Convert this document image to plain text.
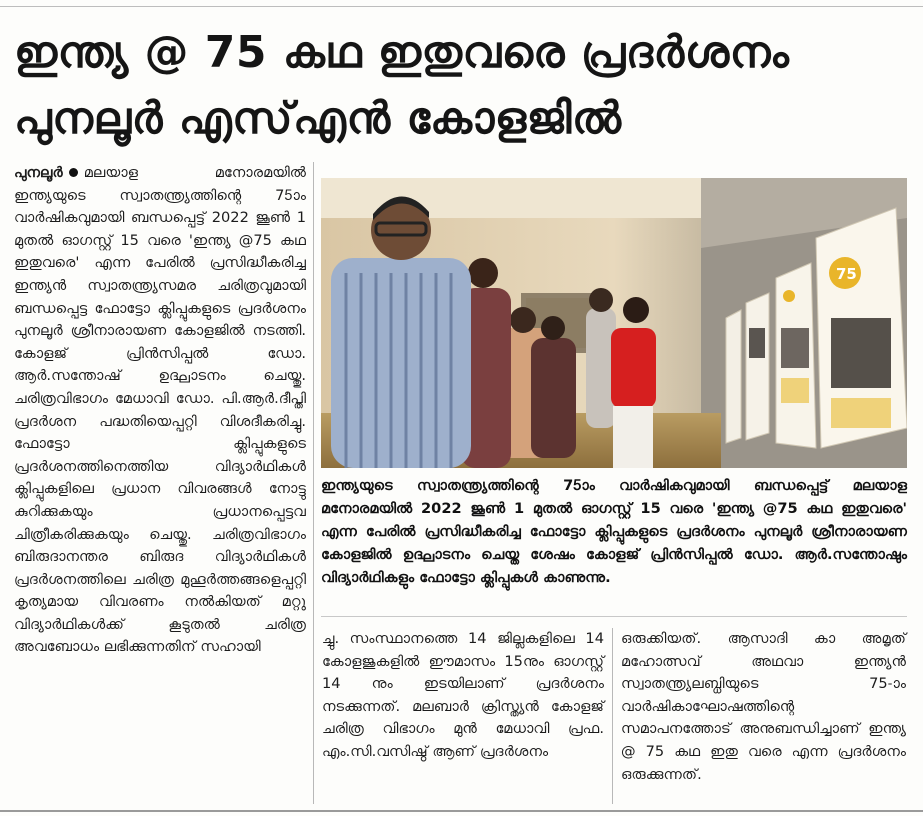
ഇന്ത്യ @ 75 കഥ ഇതുവരെ പ്രദർശനം
പുനലൂർ എസ്എൻ കോളജിൽ

പുനലൂർ മലയാള മനോരമയിൽ ഇന്ത്യയുടെ സ്വാതന്ത്ര്യത്തിന്റെ 75ാം വാർഷികവുമായി ബന്ധപ്പെട്ട് 2022 ജൂൺ 1 മുതൽ ഓഗസ്റ്റ് 15 വരെ 'ഇന്ത്യ @75 കഥ ഇതുവരെ' എന്ന പേരിൽ പ്രസിദ്ധീകരിച്ച ഇന്ത്യൻ സ്വാതന്ത്ര്യസമര ചരിത്രവുമായി ബന്ധപ്പെട്ട ഫോട്ടോ ക്ലിപ്പുകളുടെ പ്രദർശനം പുനലൂർ ശ്രീനാരായണ കോളജിൽ നടത്തി. കോളജ് പ്രിൻസിപ്പൽ ഡോ. ആർ.സന്തോഷ് ഉദ്ഘാടനം ചെയ്തു. ചരിത്രവിഭാഗം മേധാവി ഡോ. പി.ആർ.ദീപ്തി പ്രദർശന പദ്ധതിയെപ്പറ്റി വിശദീകരിച്ചു. ഫോട്ടോ ക്ലിപ്പുകളുടെ പ്രദർശനത്തിനെത്തിയ വിദ്യാർഥികൾ ക്ലിപ്പുകളിലെ പ്രധാന വിവരങ്ങൾ നോട്ടു കുറിക്കുകയും പ്രധാനപ്പെട്ടവ ചിത്രീകരിക്കുകയും ചെയ്തു. ചരിത്രവിഭാഗം ബിരുദാനന്തര ബിരുദ വിദ്യാർഥികൾ പ്രദർശനത്തിലെ ചരിത്ര മുഹൂർത്തങ്ങളെപ്പറ്റി കൃത്യമായ വിവരണം നൽകിയത് മറ്റു വിദ്യാർഥികൾക്ക് കൂടുതൽ ചരിത്ര അവബോധം ലഭിക്കുന്നതിന് സഹായി

75
ഇന്ത്യയുടെ സ്വാതന്ത്ര്യത്തിന്റെ 75ാം വാർഷികവുമായി ബന്ധപ്പെട്ട് മലയാള മനോരമയിൽ 2022 ജൂൺ 1 മുതൽ ഓഗസ്റ്റ് 15 വരെ 'ഇന്ത്യ @75 കഥ ഇതുവരെ' എന്ന പേരിൽ പ്രസിദ്ധീകരിച്ച ഫോട്ടോ ക്ലിപ്പുകളുടെ പ്രദർശനം പുനലൂർ ശ്രീനാരായണ കോളജിൽ ഉദ്ഘാടനം ചെയ്ത ശേഷം കോളജ് പ്രിൻസിപ്പൽ ഡോ. ആർ.സന്തോഷും വിദ്യാർഥികളും ഫോട്ടോ ക്ലിപ്പുകൾ കാണുന്നു.

ച്ചു. സംസ്ഥാനത്തെ 14 ജില്ലകളിലെ 14 കോളജുകളിൽ ഈമാസം 15നും ഓഗസ്റ്റ് 14 നും ഇടയിലാണ് പ്രദർശനം നടക്കുന്നത്. മലബാർ ക്രിസ്ത്യൻ കോളജ് ചരിത്ര വിഭാഗം മുൻ മേധാവി പ്രഫ. എം.സി.വസിഷ്ഠ് ആണ് പ്രദർശനം

ഒരുക്കിയത്. ആസാദി കാ അമൃത് മഹോത്സവ് അഥവാ ഇന്ത്യൻ സ്വാതന്ത്ര്യലബ്ധിയുടെ 75-ാം വാർഷികാഘോഷത്തിന്റെ സമാപനത്തോട് അനുബന്ധിച്ചാണ് ഇന്ത്യ @ 75 കഥ ഇതു വരെ എന്ന പ്രദർശനം ഒരുക്കുന്നത്.
